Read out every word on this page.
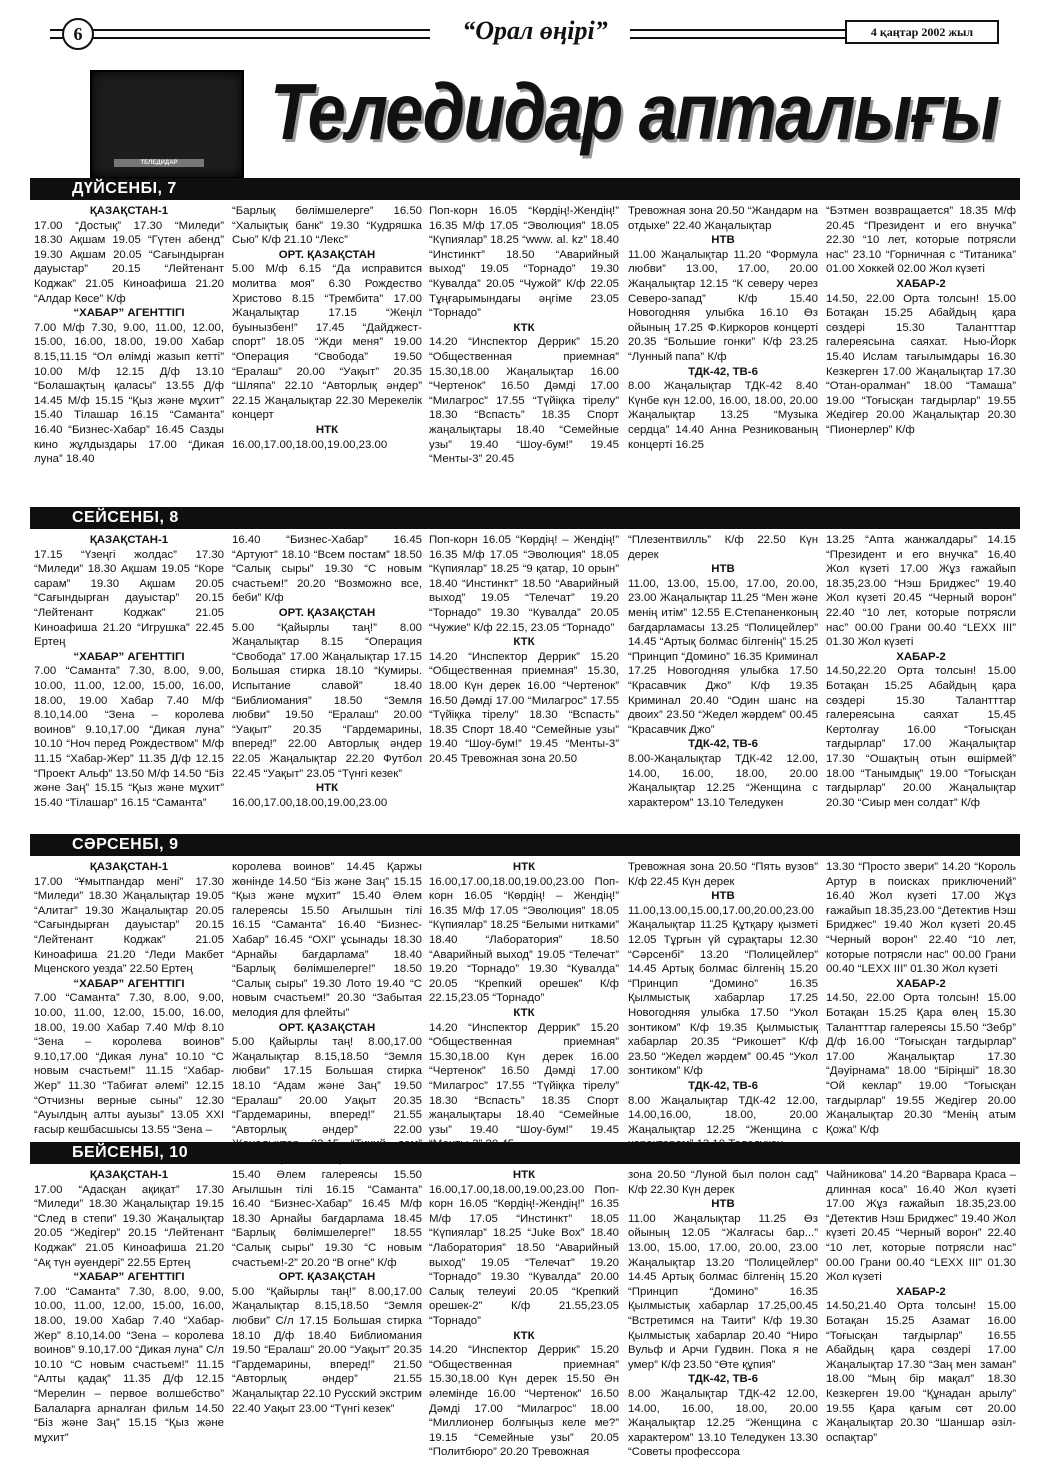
6	“Орал өңірі”	4 қаңтар 2002 жыл
ТЕЛЕДИДАР
Теледидар апталығы
ДҮЙСЕНБІ, 7
ҚАЗАҚСТАН-1
17.00 “Достық” 17.30 “Миледи” 18.30 Ақшам 19.05 “Гүтен абенд” 19.30 Ақшам 20.05 “Сағындырған дауыстар” 20.15 “Лейтенант Коджак” 21.05 Киноафиша 21.20 “Алдар Көсе” К/ф
“ХАБАР” АГЕНТТІГІ
7.00 М/ф 7.30, 9.00, 11.00, 12.00, 15.00, 16.00, 18.00, 19.00 Хабар 8.15,11.15 “Ол өлімді жазып кетті” 10.00 М/ф 12.15 Д/ф 13.10 “Болашақтың қаласы” 13.55 Д/ф 14.45 М/ф 15.15 “Қыз және мұхит” 15.40 Тілашар 16.15 “Саманта” 16.40 “Бизнес-Хабар” 16.45 Сазды кино жұлдыздары 17.00 “Дикая луна” 18.40
“Барлық бөлімшелерге” 16.50 “Халықтық банк” 19.30 “Кудряшка Сью” К/ф 21.10 “Лекс”
ОРТ. ҚАЗАҚСТАН
5.00 М/ф 6.15 “Да исправится молитва моя” 6.30 Рождество Христово 8.15 “Трембита” 17.00 Жаңалықтар 17.15 “Жеңіл буынызбен!” 17.45 “Дайджест-спорт” 18.05 “Жди меня” 19.00 “Операция “Свобода” 19.50 “Ералаш” 20.00 “Уақыт” 20.35 “Шляпа” 22.10 “Авторлық әндер” 22.15 Жаңалықтар 22.30 Мерекелік концерт
НТК
16.00,17.00,18.00,19.00,23.00
Поп-корн 16.05 “Көрдің!-Жендің!” 16.35 М/ф 17.05 “Эволюция” 18.05 “Күпиялар” 18.25 “www. al. kz” 18.40 “Инстинкт” 18.50 “Аварийный выход” 19.05 “Торнадо” 19.30 “Кувалда” 20.05 “Чужой” К/ф 22.05 Тұңғарымындағы әңгіме 23.05 “Торнадо”
КТК
14.20 “Инспектор Деррик” 15.20 “Общественная приемная” 15.30,18.00 Жаңалықтар 16.00 “Чертенок” 16.50 Дәмді 17.00 “Милагрос” 17.55 “Түйіқка тірелу” 18.30 “Вспасть” 18.35 Спорт жаңалықтары 18.40 “Семейные узы” 19.40 “Шоу-бум!” 19.45 “Менты-3” 20.45
Тревожная зона 20.50 “Жандарм на отдыхе” 22.40 Жаңалықтар
НТВ
11.00 Жаңалықтар 11.20 “Формула любви” 13.00, 17.00, 20.00 Жаңалықтар 12.15 “К северу через Северо-запад” К/ф 15.40 Новогодняя улыбка 16.10 Өз ойының 17.25 Ф.Киркоров концерті 20.35 “Большие гонки” К/ф 23.25 “Лунный папа” К/ф
ТДК-42, ТВ-6
8.00 Жаңалықтар ТДК-42 8.40 Күнбе күн 12.00, 16.00, 18.00, 20.00 Жаңалықтар 13.25 “Музыка сердца” 14.40 Анна Резникованың концерті 16.25
“Бэтмен возвращается” 18.35 М/ф 20.45 “Президент и его внучка” 22.30 “10 лет, которые потрясли нас” 23.10 “Горничная с “Титаника” 01.00 Хоккей 02.00 Жол күзеті
ХАБАР-2
14.50, 22.00 Орта толсын! 15.00 Ботақан 15.25 Абайдың қара сөздері 15.30 Талантттар галереясына саяхат. Нью-Йорк 15.40 Ислам тағылымдары 16.30 Кезкерген 17.00 Жаңалықтар 17.30 “Отан-оралман” 18.00 “Тамаша” 19.00 “Тоғысқан тағдырлар” 19.55 Жедігер 20.00 Жаңалықтар 20.30 “Пионерлер” К/ф
СЕЙСЕНБІ, 8
ҚАЗАҚСТАН-1
17.15 “Үзеңгі жолдас” 17.30 “Миледи” 18.30 Ақшам 19.05 “Коре сарам” 19.30 Ақшам 20.05 “Сағындырған дауыстар” 20.15 “Лейтенант Коджак” 21.05 Киноафиша 21.20 “Игрушка” 22.45 Ертең
“ХАБАР” АГЕНТТІГІ
7.00 “Саманта” 7.30, 8.00, 9.00, 10.00, 11.00, 12.00, 15.00, 16.00, 18.00, 19.00 Хабар 7.40 М/ф 8.10,14.00 “Зена – королева воинов” 9.10,17.00 “Дикая луна” 10.10 “Ноч перед Рождеством” М/ф 11.15 “Хабар-Жер” 11.35 Д/ф 12.15 “Проект Альф” 13.50 М/ф 14.50 “Біз және Заң” 15.15 “Қыз және мұхит” 15.40 “Тілашар” 16.15 “Саманта”
16.40 “Бизнес-Хабар” 16.45 “Артуют” 18.10 “Всем постам” 18.50 “Салық сыры” 19.30 “С новым счастьем!” 20.20 “Возможно все, беби” К/ф
ОРТ. ҚАЗАҚСТАН
5.00 “Қайырлы таң!” 8.00 Жаңалықтар 8.15 “Операция “Свобода” 17.00 Жаңалықтар 17.15 Большая стирка 18.10 “Кумиры. Испытание славой” 18.40 “Библиомания” 18.50 “Земля любви” 19.50 “Ералаш” 20.00 “Уақыт” 20.35 “Гардемарины, вперед!” 22.00 Авторлық әндер 22.05 Жаңалықтар 22.20 Футбол 22.45 “Уақыт” 23.05 “Түнгі кезек”
НТК
16.00,17.00,18.00,19.00,23.00
Поп-корн 16.05 “Көрдің! – Жендің!” 16.35 М/ф 17.05 “Эволюция” 18.05 “Күпиялар” 18.25 “9 қатар, 10 орын” 18.40 “Инстинкт” 18.50 “Аварийный выход” 19.05 “Телечат” 19.20 “Торнадо” 19.30 “Кувалда” 20.05 “Чужие” К/ф 22.15, 23.05 “Торнадо”
КТК
14.20 “Инспектор Деррик” 15.20 “Общественная приемная” 15.30, 18.00 Күн дерек 16.00 “Чертенок” 16.50 Дәмді 17.00 “Милагрос” 17.55 “Түйіқка тірелу” 18.30 “Вспасть” 18.35 Спорт 18.40 “Семейные узы” 19.40 “Шоу-бум!” 19.45 “Менты-3” 20.45 Тревожная зона 20.50
“Плезентвилль” К/ф 22.50 Күн дерек
НТВ
11.00, 13.00, 15.00, 17.00, 20.00, 23.00 Жаңалықтар 11.25 “Мен және менің итім” 12.55 Е.Степаненконың бағдарламасы 13.25 “Полицейлер” 14.45 “Артық болмас білгенің” 15.25 “Принцип “Домино” 16.35 Криминал 17.25 Новогодняя улыбка 17.50 “Красавчик Джо” К/ф 19.35 Криминал 20.40 “Один шанс на двоих” 23.50 “Жедел жәрдем” 00.45 “Красавчик Джо”
ТДК-42, ТВ-6
8.00-Жаңалықтар ТДК-42 12.00, 14.00, 16.00, 18.00, 20.00 Жаңалықтар 12.25 “Женщина с характером” 13.10 Теледукен
13.25 “Апта жанжалдары” 14.15 “Президент и его внучка” 16.40 Жол күзеті 17.00 Жұз ғажайып 18.35,23.00 “Нэш Бриджес” 19.40 Жол күзеті 20.45 “Черный ворон” 22.40 “10 лет, которые потрясли нас” 00.00 Грани 00.40 “LEXX III” 01.30 Жол күзеті
ХАБАР-2
14.50,22.20 Орта толсын! 15.00 Ботақан 15.25 Абайдың қара сөздері 15.30 Талантттар галереясына саяхат 15.45 Кертолғау 16.00 “Тоғысқан тағдырлар” 17.00 Жаңалықтар 17.30 “Ошақтың отын өшірмей” 18.00 “Танымдық” 19.00 “Тоғысқан тағдырлар” 20.00 Жаңалықтар 20.30 “Сиыр мен солдат” К/ф
СӘРСЕНБІ, 9
ҚАЗАҚСТАН-1
17.00 “Ұмытпандар мені” 17.30 “Миледи” 18.30 Жаңалықтар 19.05 “Алитаг” 19.30 Жаңалықтар 20.05 “Сағындырған дауыстар” 20.15 “Лейтенант Коджак” 21.05 Киноафиша 21.20 “Леди Макбет Мценского уезда” 22.50 Ертең
“ХАБАР” АГЕНТТІГІ
7.00 “Саманта” 7.30, 8.00, 9.00, 10.00, 11.00, 12.00, 15.00, 16.00, 18.00, 19.00 Хабар 7.40 М/ф 8.10 “Зена – королева воинов” 9.10,17.00 “Дикая луна” 10.10 “С новым счастьем!” 11.15 “Хабар-Жер” 11.30 “Табиғат әлемі” 12.15 “Отчизны верные сыны” 12.30 “Ауылдың алты ауызы” 13.05 XXI ғасыр кешбасшысы 13.55 “Зена –
королева воинов” 14.45 Қаржы жөнінде 14.50 “Біз және Заң” 15.15 “Қыз және мұхит” 15.40 Әлем галереясы 15.50 Ағылшын тілі 16.15 “Саманта” 16.40 “Бизнес-Хабар” 16.45 “ОХІ” ұсынады 18.30 “Арнайы бағдарлама” 18.40 “Барлық бөлімшелерге!” 18.50 “Салық сыры” 19.30 Лото 19.40 “С новым счастьем!” 20.30 “Забытая мелодия для флейты”
ОРТ. ҚАЗАҚСТАН
5.00 Қайырлы таң! 8.00,17.00 Жаңалықтар 8.15,18.50 “Земля любви” 17.15 Большая стирка 18.10 “Адам және Заң” 19.50 “Ералаш” 20.00 Уақыт 20.35 “Гардемарины, вперед!” 21.55 “Авторлық әндер” 22.00
НТК
16.00,17.00,18.00,19.00,23.00 Поп-корн 16.05 “Көрдің! – Жендің!” 16.35 М/ф 17.05 “Эволюция” 18.05 “Күпиялар” 18.25 “Белыми нитками” 18.40 “Лаборатория” 18.50 “Аварийный выход” 19.05 “Телечат” 19.20 “Торнадо” 19.30 “Кувалда” 20.05 “Крепкий орешек” К/ф 22.15,23.05 “Торнадо”
КТК
14.20 “Инспектор Деррик” 15.20 “Общественная приемная” 15.30,18.00 Күн дерек 16.00 “Чертенок” 16.50 Дәмді 17.00 “Милагрос” 17.55 “Түйіқка тірелу” 18.30 “Вспасть” 18.35 Спорт жаңалықтары 18.40 “Семейные узы” 19.40 “Шоу-бум!” 19.45
Тревожная зона 20.50 “Пять вузов” К/ф 22.45 Күн дерек
НТВ
11.00,13.00,15.00,17.00,20.00,23.00 Жаңалықтар 11.25 Құтқару қызметі 12.05 Тұрғын үй сұрақтары 12.30 “Сәрсенбі” 13.20 “Полицейлер” 14.45 Артық болмас білгенің 15.20 “Принцип “Домино” 16.35 Қылмыстық хабарлар 17.25 Новогодняя улыбка 17.50 “Укол зонтиком” К/ф 19.35 Қылмыстық хабарлар 20.35 “Рикошет” К/ф 23.50 “Жедел жәрдем” 00.45 “Укол зонтиком” К/ф
ТДК-42, ТВ-6
8.00 Жаңалықтар ТДК-42 12.00, 14.00,16.00, 18.00, 20.00 Жаңалықтар 12.25 “Женщина с
13.30 “Просто звери” 14.20 “Король Артур в поисках приключений” 16.40 Жол күзеті 17.00 Жұз ғажайып 18.35,23.00 “Детектив Нэш Бриджес” 19.40 Жол күзеті 20.45 “Черный ворон” 22.40 “10 лет, которые потрясли нас” 00.00 Грани 00.40 “LEXX III” 01.30 Жол күзеті
ХАБАР-2
14.50, 22.00 Орта толсын! 15.00 Ботақан 15.25 Қара өлең 15.30 Талантттар галереясы 15.50 “Зебр” Д/ф 16.00 “Тоғысқан тағдырлар” 17.00 Жаңалықтар 17.30 “Дәуірнама” 18.00 “Біріңші” 18.30 “Ой кеклар” 19.00 “Тоғысқан тағдырлар” 19.55 Жедігер 20.00 Жаңалықтар 20.30 “Менің атым Қожа” К/ф
БЕЙСЕНБІ, 10
ҚАЗАҚСТАН-1
17.00 “Адасқан ақиқат” 17.30 “Миледи” 18.30 Жаңалықтар 19.15 “След в степи” 19.30 Жаңалықтар 20.05 “Жедігер” 20.15 “Лейтенант Коджак” 21.05 Киноафиша 21.20 “Ақ түн әуендері” 22.55 Ертең
“ХАБАР” АГЕНТТІГІ
7.00 “Саманта” 7.30, 8.00, 9.00, 10.00, 11.00, 12.00, 15.00, 16.00, 18.00, 19.00 Хабар 7.40 “Хабар-Жер” 8.10,14.00 “Зена – королева воинов” 9.10,17.00 “Дикая луна” С/л 10.10 “С новым счастьем!” 11.15 “Алты қадақ” 11.35 Д/ф 12.15 “Мерелин – первое волшебство” Балаларға арналған фильм 14.50 “Біз және Заң” 15.15 “Қыз және мұхит”
15.40 Әлем галереясы 15.50 Ағылшын тілі 16.15 “Саманта” 16.40 “Бизнес-Хабар” 16.45 М/ф 18.30 Арнайы бағдарлама 18.45 “Барлық бөлімшелерге!” 18.55 “Салық сыры” 19.30 “С новым счастьем!-2” 20.20 “В огне” К/ф
ОРТ. ҚАЗАҚСТАН
5.00 “Қайырлы таң!” 8.00,17.00 Жаңалықтар 8.15,18.50 “Земля любви” С/л 17.15 Большая стирка 18.10 Д/ф 18.40 Библиомания 19.50 “Ералаш” 20.00 “Уақыт” 20.35 “Гардемарины, вперед!” 21.50 “Авторлық әндер” 21.55 Жаңалықтар 22.10 Русский экстрим 22.40 Уақыт 23.00 “Түнгі кезек”
НТК
16.00,17.00,18.00,19.00,23.00 Поп-корн 16.05 “Көрдің!-Жендің!” 16.35 М/ф 17.05 “Инстинкт” 18.05 “Күпиялар” 18.25 “Juke Box” 18.40 “Лаборатория” 18.50 “Аварийный выход” 19.05 “Телечат” 19.20 “Торнадо” 19.30 “Кувалда” 20.00 Салық телеуиі 20.05 “Крепкий орешек-2” К/ф 21.55,23.05 “Торнадо”
КТК
14.20 “Инспектор Деррик” 15.20 “Общественная приемная” 15.30,18.00 Күн дерек 15.50 Ән әлемінде 16.00 “Чертенок” 16.50 Дәмді 17.00 “Милагрос” 18.00 “Миллионер болғыңыз келе ме?” 19.15 “Семейные узы” 20.05 “Политбюро” 20.20 Тревожная
зона 20.50 “Луной был полон сад” К/ф 22.30 Күн дерек
НТВ
11.00 Жаңалықтар 11.25 Өз ойының 12.05 “Жалғасы бар...” 13.00, 15.00, 17.00, 20.00, 23.00 Жаңалықтар 13.20 “Полицейлер” 14.45 Артық болмас білгенің 15.20 “Принцип “Домино” 16.35 Қылмыстық хабарлар 17.25,00.45 “Встретимся на Таити” К/ф 19.30 Қылмыстық хабарлар 20.40 “Ниро Вульф и Арчи Гудвин. Пока я не умер” К/ф 23.50 “Өте құпия”
ТДК-42, ТВ-6
8.00 Жаңалықтар ТДК-42 12.00, 14.00, 16.00, 18.00, 20.00 Жаңалықтар 12.25 “Женщина с характером” 13.10 Теледукен 13.30 “Советы профессора
Чайникова” 14.20 “Варвара Краса – длинная коса” 16.40 Жол күзеті 17.00 Жұз ғажайып 18.35,23.00 “Детектив Нэш Бриджес” 19.40 Жол күзеті 20.45 “Черный ворон” 22.40 “10 лет, которые потрясли нас” 00.00 Грани 00.40 “LEXX III” 01.30 Жол күзеті
ХАБАР-2
14.50,21.40 Орта толсын! 15.00 Ботақан 15.25 Азамат 16.00 “Тоғысқан тағдырлар” 16.55 Абайдың қара сөздері 17.00 Жаңалықтар 17.30 “Заң мен заман” 18.00 “Мың бір мақал” 18.30 Кезкерген 19.00 “Құнадан арылу” 19.55 Қара қағым сөт 20.00 Жаңалықтар 20.30 “Шаншар әзіл-оспақтар”
